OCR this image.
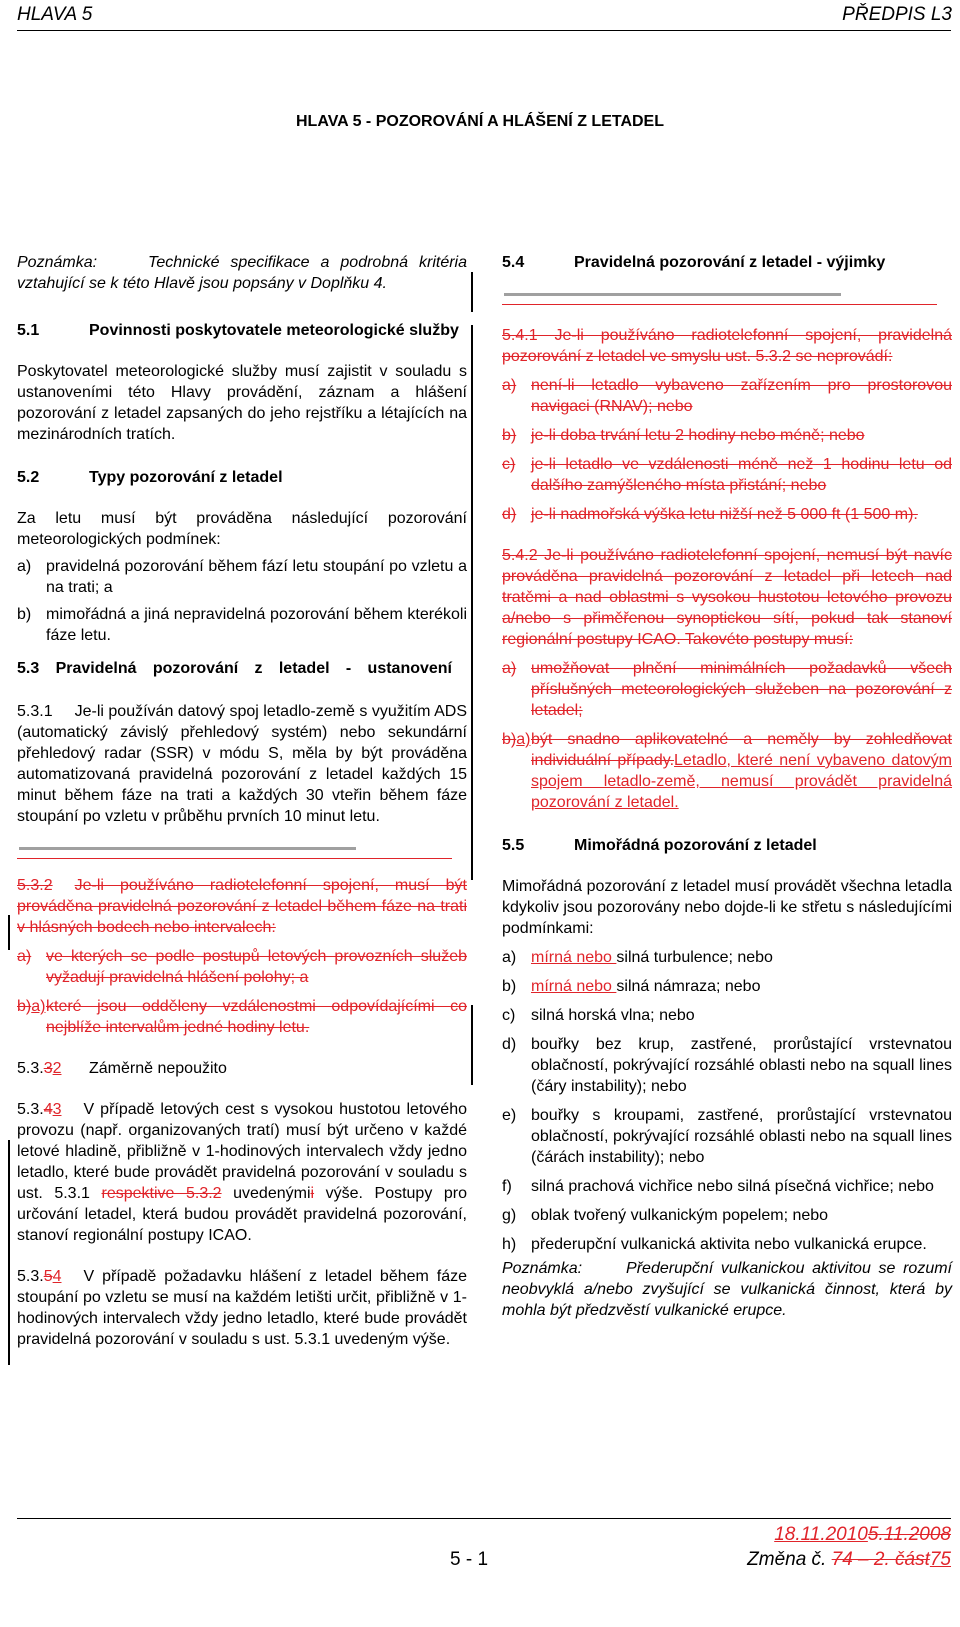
HLAVA 5	PŘEDPIS L3
HLAVA 5 - POZOROVÁNÍ A HLÁŠENÍ Z LETADEL

Poznámka:	Technické specifikace a podrobná kritéria vztahující se k této Hlavě jsou popsány v Doplňku 4.

5.1	Povinnosti poskytovatele meteorologické služby

Poskytovatel meteorologické služby musí zajistit v souladu s ustanoveními této Hlavy provádění, záznam a hlášení pozorování z letadel zapsaných do jeho rejstříku a létajících na mezinárodních tratích.

5.2	Typy pozorování z letadel

Za letu musí být prováděna následující pozorování meteorologických podmínek:

a) pravidelná pozorování během fází letu stoupání po vzletu a na trati; a
b) mimořádná a jiná nepravidelná pozorování během kterékoli fáze letu.

5.3 Pravidelná pozorování z letadel - ustanovení

5.3.1 Je-li používán datový spoj letadlo-země s využitím ADS (automatický závislý přehledový systém) nebo sekundární přehledový radar (SSR) v módu S, měla by být prováděna automatizovaná pravidelná pozorování z letadel každých 15 minut během fáze na trati a každých 30 vteřin během fáze stoupání po vzletu v průběhu prvních 10 minut letu.

5.3.2 Je-li používáno radiotelefonní spojení, musí být prováděna pravidelná pozorování z letadel během fáze na trati v hlásných bodech nebo intervalech:

a) ve kterých se podle postupů letových provozních služeb vyžadují pravidelná hlášení polohy; a
b)a) které jsou odděleny vzdálenostmi odpovídajícími co nejblíže intervalům jedné hodiny letu.
5.3.32	Záměrně nepoužito

5.3.43 V případě letových cest s vysokou hustotou letového provozu (např. organizovaných tratí) musí být určeno v každé letové hladině, přibližně v 1-hodinových intervalech vždy jedno letadlo, které bude provádět pravidelná pozorování v souladu s ust. 5.3.1 respektive 5.3.2 uvedenýmii výše. Postupy pro určování letadel, která budou provádět pravidelná pozorování, stanoví regionální postupy ICAO.

5.3.54 V případě požadavku hlášení z letadel během fáze stoupání po vzletu se musí na každém letišti určit, přibližně v 1-hodinových intervalech vždy jedno letadlo, které bude provádět pravidelná pozorování v souladu s ust. 5.3.1 uvedeným výše.

5.4	Pravidelná pozorování z letadel - výjimky

5.4.1 Je-li používáno radiotelefonní spojení, pravidelná pozorování z letadel ve smyslu ust. 5.3.2 se neprovádí:

a) není-li letadlo vybaveno zařízením pro prostorovou navigaci (RNAV); nebo
b) je-li doba trvání letu 2 hodiny nebo méně; nebo
c) je-li letadlo ve vzdálenosti méně než 1 hodinu letu od dalšího zamýšleného místa přistání; nebo
d) je-li nadmořská výška letu nižší než 5 000 ft (1 500 m).

5.4.2 Je-li používáno radiotelefonní spojení, nemusí být navíc prováděna pravidelná pozorování z letadel při letech nad tratěmi a nad oblastmi s vysokou hustotou letového provozu a/nebo s přiměřenou synoptickou sítí, pokud tak stanoví regionální postupy ICAO. Takovéto postupy musí:

a) umožňovat plnění minimálních požadavků všech příslušných meteorologických služeben na pozorování z letadel;
b)a) být snadno aplikovatelné a neměly by zohledňovat individuální případy.Letadlo, které není vybaveno datovým spojem letadlo-země, nemusí provádět pravidelná pozorování z letadel.
5.5	Mimořádná pozorování z letadel

Mimořádná pozorování z letadel musí provádět všechna letadla kdykoliv jsou pozorovány nebo dojde-li ke střetu s následujícími podmínkami:

a) mírná nebo silná turbulence; nebo
b) mírná nebo silná námraza; nebo
c) silná horská vlna; nebo
d) bouřky bez krup, zastřené, prorůstající vrstevnatou oblačností, pokrývající rozsáhlé oblasti nebo na squall lines (čáry instability); nebo
e) bouřky s kroupami, zastřené, prorůstající vrstevnatou oblačností, pokrývající rozsáhlé oblasti nebo na squall lines (čárách instability); nebo
f)	silná prachová vichřice nebo silná písečná vichřice; nebo
g) oblak tvořený vulkanickým popelem; nebo
h) přederupční vulkanická aktivita nebo vulkanická erupce.

Poznámka:	Přederupční vulkanickou aktivitou se rozumí neobvyklá a/nebo zvyšující se vulkanická činnost, která by mohla být předzvěstí vulkanické erupce.

18.11.20105.11.2008
5 - 1	Změna č. 74 – 2. část75
